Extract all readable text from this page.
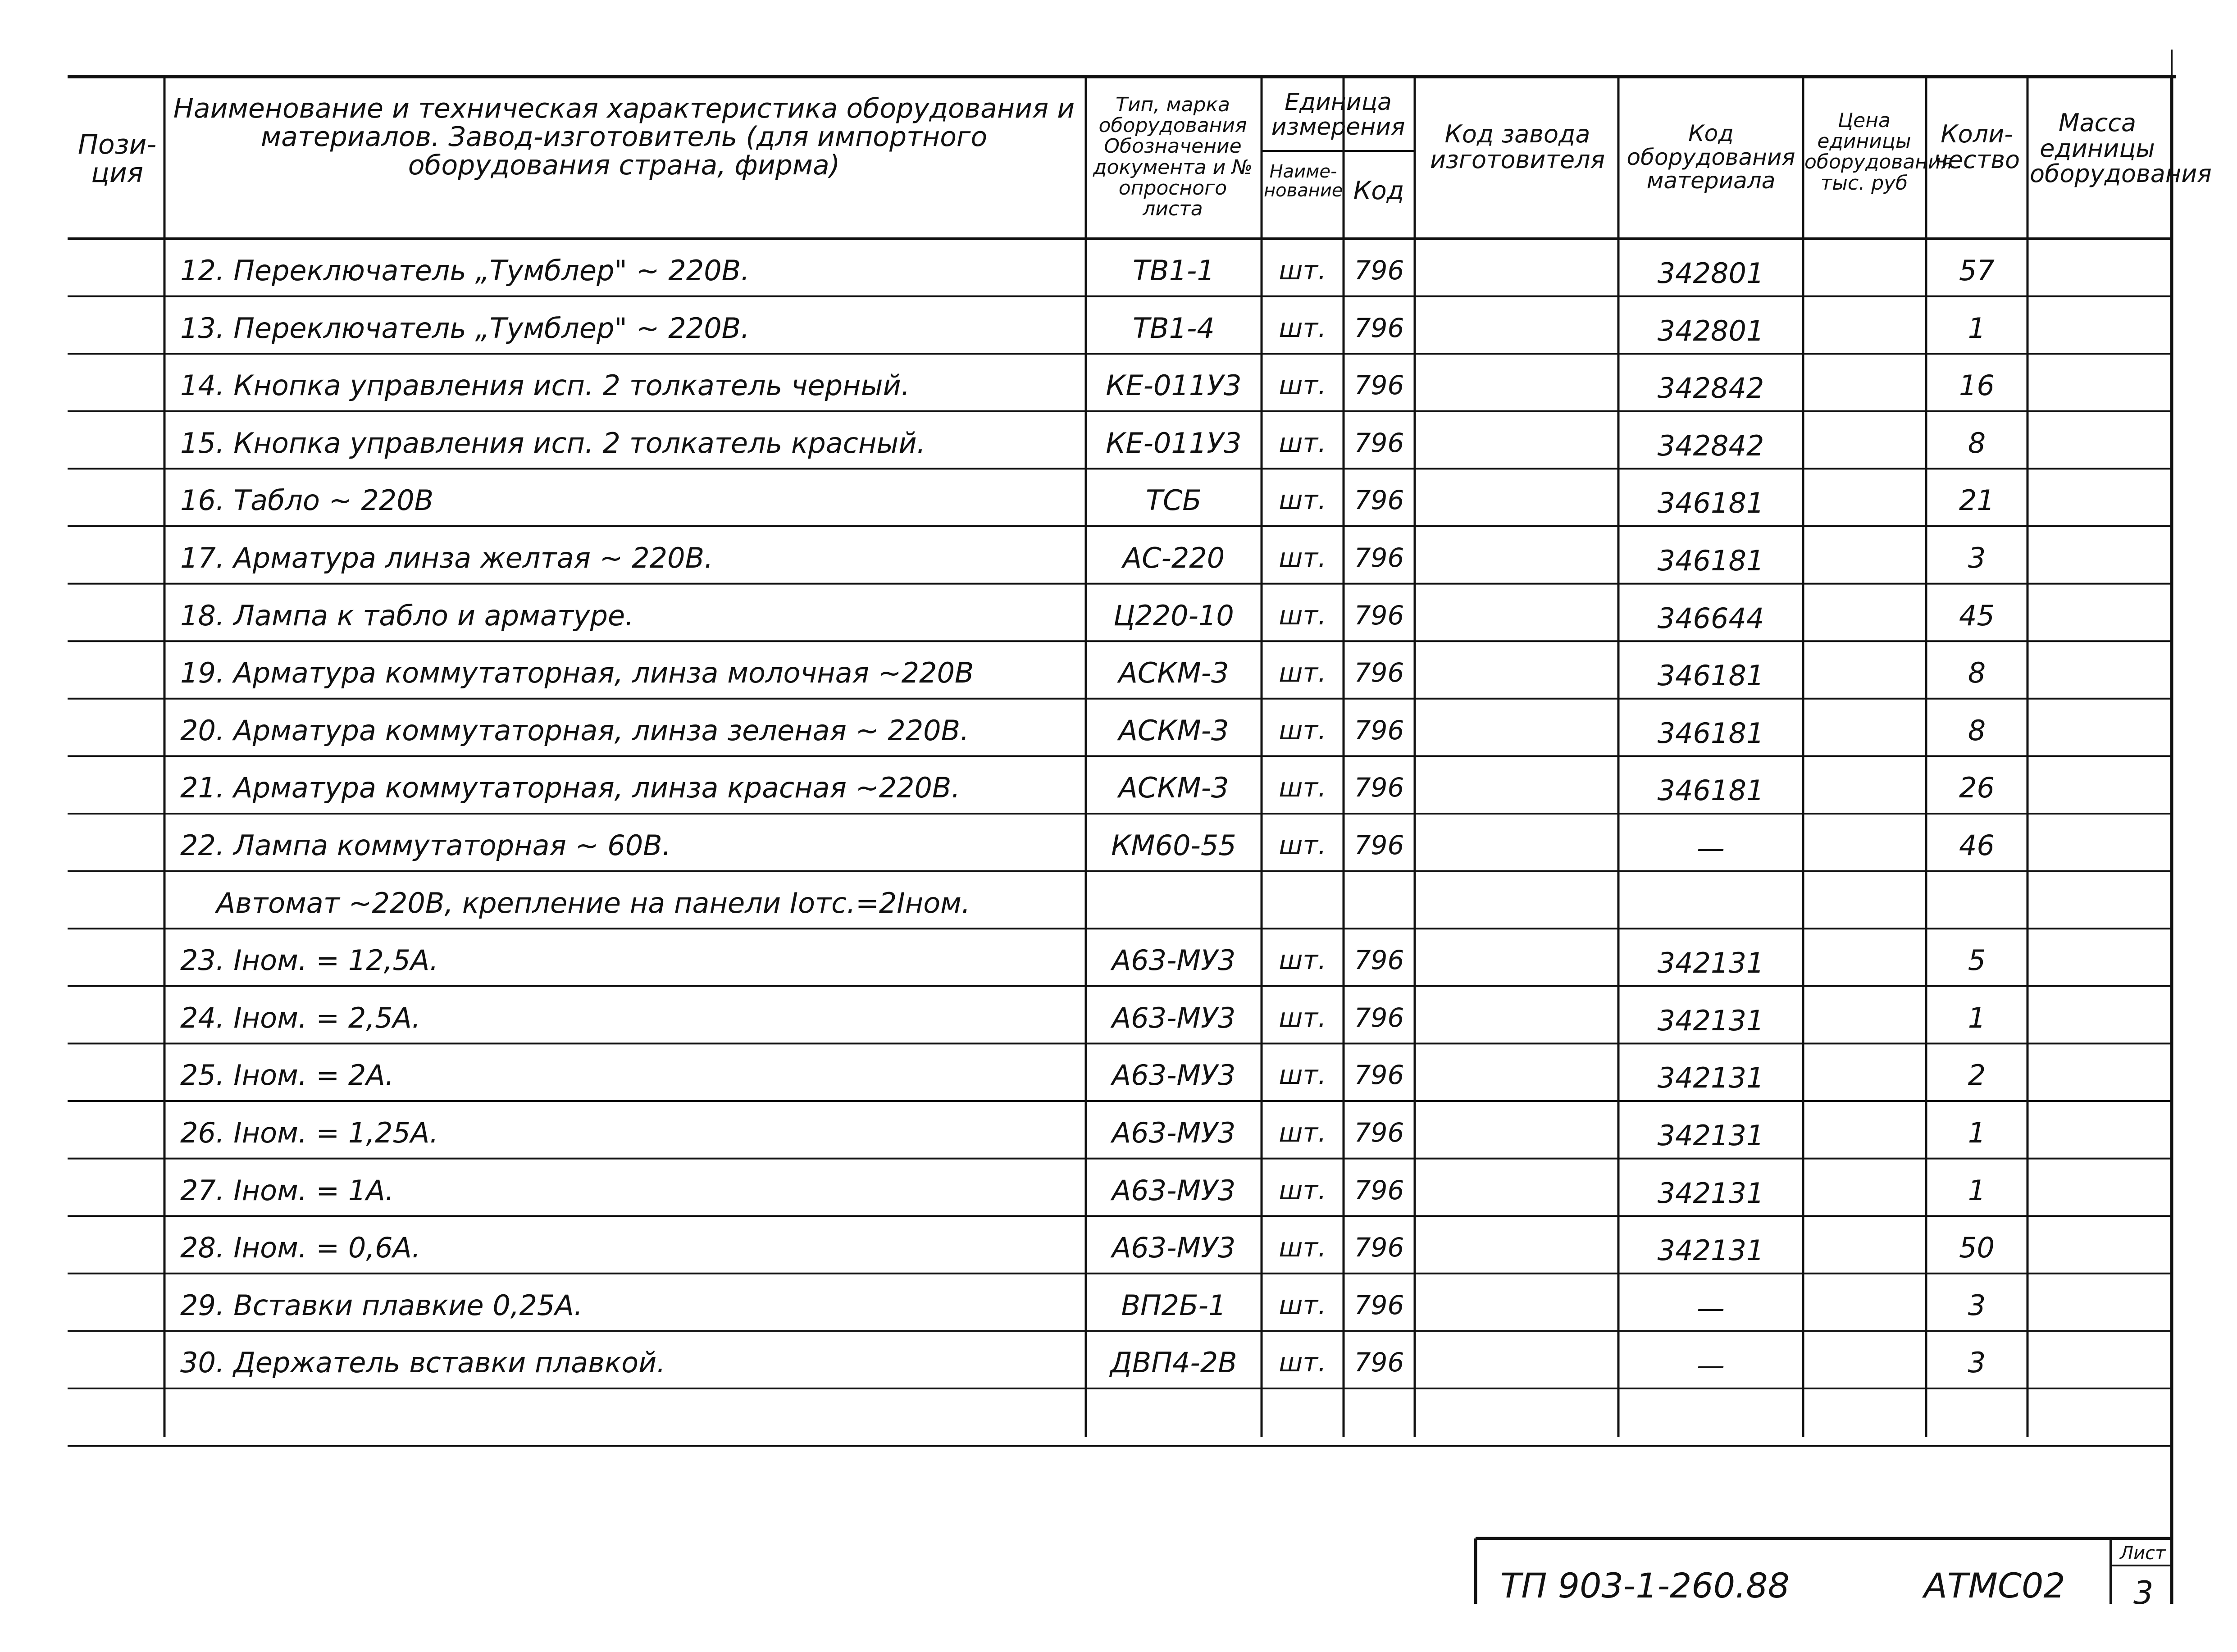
Пози-
ция
Наименование и техническая характеристика оборудования и материалов. Завод-изготовитель (для импортного оборудования страна, фирма)
Тип, марка оборудования Обозначение документа и № опросного листа
Единица измерения
Наиме-нование Код
Код завода изготовителя
Код оборудования материала
Цена единицы оборудования тыс. руб
Коли-чество
Масса единицы оборудования
12. Переключатель „Тумблер" ~ 220В.	ТВ1-1	шт.	796	342801	57
13. Переключатель „Тумблер" ~ 220В.	ТВ1-4	шт.	796	342801	1
14. Кнопка управления исп. 2 толкатель черный.	КЕ-011У3	шт.	796	342842	16
15. Кнопка управления исп. 2 толкатель красный.	КЕ-011У3	шт.	796	342842	8
16. Табло ~ 220В	ТСБ	шт.	796	346181	21
17. Арматура линза желтая ~ 220В.	АС-220	шт.	796	346181	3
18. Лампа к табло и арматуре.	Ц220-10	шт.	796	346644	45
19. Арматура коммутаторная, линза молочная ~220В	АСКМ-3	шт.	796	346181	8
20. Арматура коммутаторная, линза зеленая ~ 220В.	АСКМ-3	шт.	796	346181	8
21. Арматура коммутаторная, линза красная ~220В.	АСКМ-3	шт.	796	346181	26
22. Лампа коммутаторная ~ 60В.	КМ60-55	шт.	796	—	46
Автомат ~220В, крепление на панели Іотс.=2Іном.
23. Іном. = 12,5А.	А63-МУ3	шт.	796	342131	5
24. Іном. = 2,5А.	А63-МУ3	шт.	796	342131	1
25. Іном. = 2А.	А63-МУ3	шт.	796	342131	2
26. Іном. = 1,25А.	А63-МУ3	шт.	796	342131	1
27. Іном. = 1А.	А63-МУ3	шт.	796	342131	1
28. Іном. = 0,6А.	А63-МУ3	шт.	796	342131	50
29. Вставки плавкие 0,25А.	ВП2Б-1	шт.	796	—	3
30. Держатель вставки плавкой.	ДВП4-2В	шт.	796	—	3
ТП 903-1-260.88	АТМС02
Лист
3
